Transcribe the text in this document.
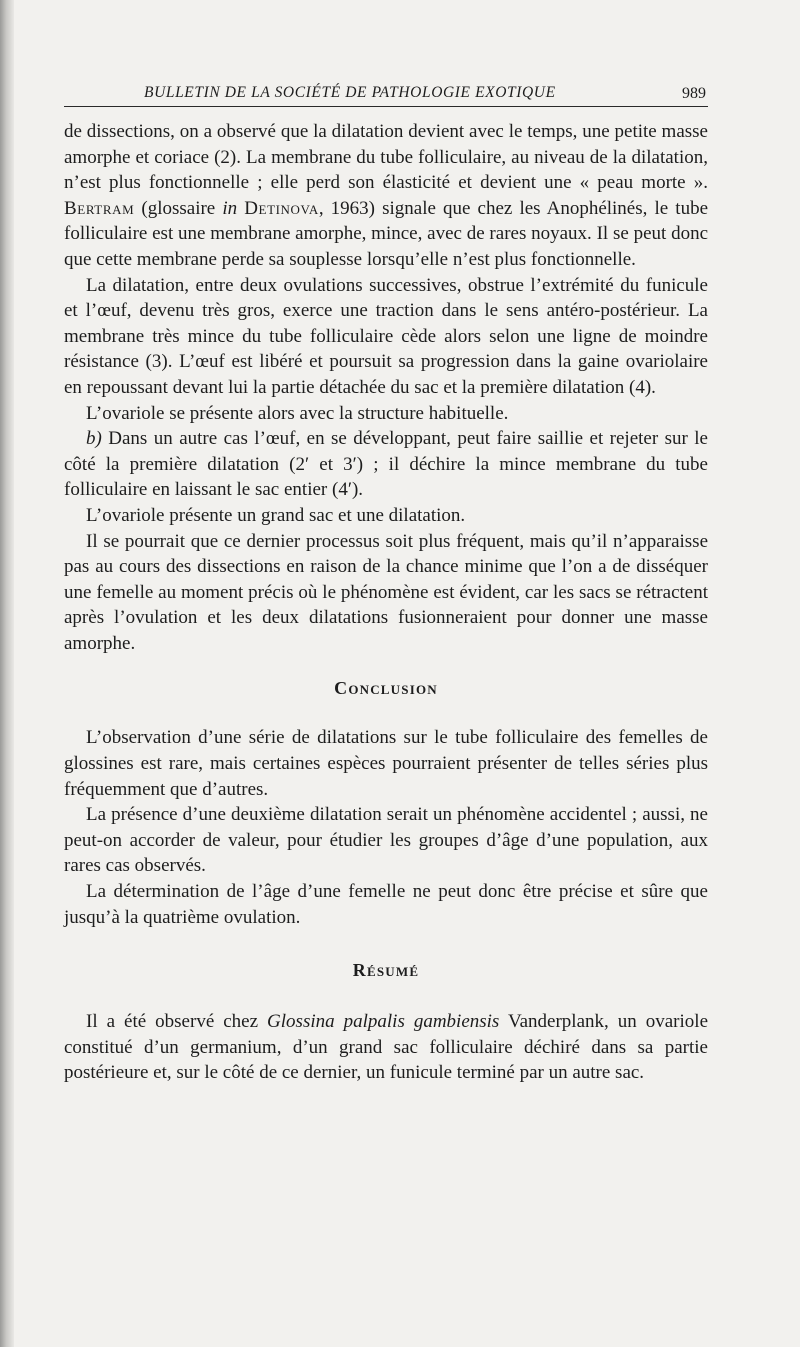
BULLETIN DE LA SOCIÉTÉ DE PATHOLOGIE EXOTIQUE	989

de dissections, on a observé que la dilatation devient avec le temps, une petite masse amorphe et coriace (2). La membrane du tube folliculaire, au niveau de la dilatation, n’est plus fonctionnelle ; elle perd son élasticité et devient une « peau morte ». Bertram (glossaire in Detinova, 1963) signale que chez les Anophélinés, le tube folliculaire est une membrane amorphe, mince, avec de rares noyaux. Il se peut donc que cette membrane perde sa souplesse lorsqu’elle n’est plus fonctionnelle.

La dilatation, entre deux ovulations successives, obstrue l’extrémité du funicule et l’œuf, devenu très gros, exerce une traction dans le sens antéro-postérieur. La membrane très mince du tube folliculaire cède alors selon une ligne de moindre résistance (3). L’œuf est libéré et poursuit sa progression dans la gaine ovariolaire en repoussant devant lui la partie détachée du sac et la première dilatation (4).

L’ovariole se présente alors avec la structure habituelle.

b) Dans un autre cas l’œuf, en se développant, peut faire saillie et rejeter sur le côté la première dilatation (2′ et 3′) ; il déchire la mince membrane du tube folliculaire en laissant le sac entier (4′).

L’ovariole présente un grand sac et une dilatation.

Il se pourrait que ce dernier processus soit plus fréquent, mais qu’il n’apparaisse pas au cours des dissections en raison de la chance minime que l’on a de disséquer une femelle au moment précis où le phénomène est évident, car les sacs se rétractent après l’ovulation et les deux dilatations fusionneraient pour donner une masse amorphe.

Conclusion

L’observation d’une série de dilatations sur le tube folliculaire des femelles de glossines est rare, mais certaines espèces pourraient présenter de telles séries plus fréquemment que d’autres.

La présence d’une deuxième dilatation serait un phénomène accidentel ; aussi, ne peut-on accorder de valeur, pour étudier les groupes d’âge d’une population, aux rares cas observés.

La détermination de l’âge d’une femelle ne peut donc être précise et sûre que jusqu’à la quatrième ovulation.

Résumé

Il a été observé chez Glossina palpalis gambiensis Vanderplank, un ovariole constitué d’un germanium, d’un grand sac folliculaire déchiré dans sa partie postérieure et, sur le côté de ce dernier, un funicule terminé par un autre sac.
